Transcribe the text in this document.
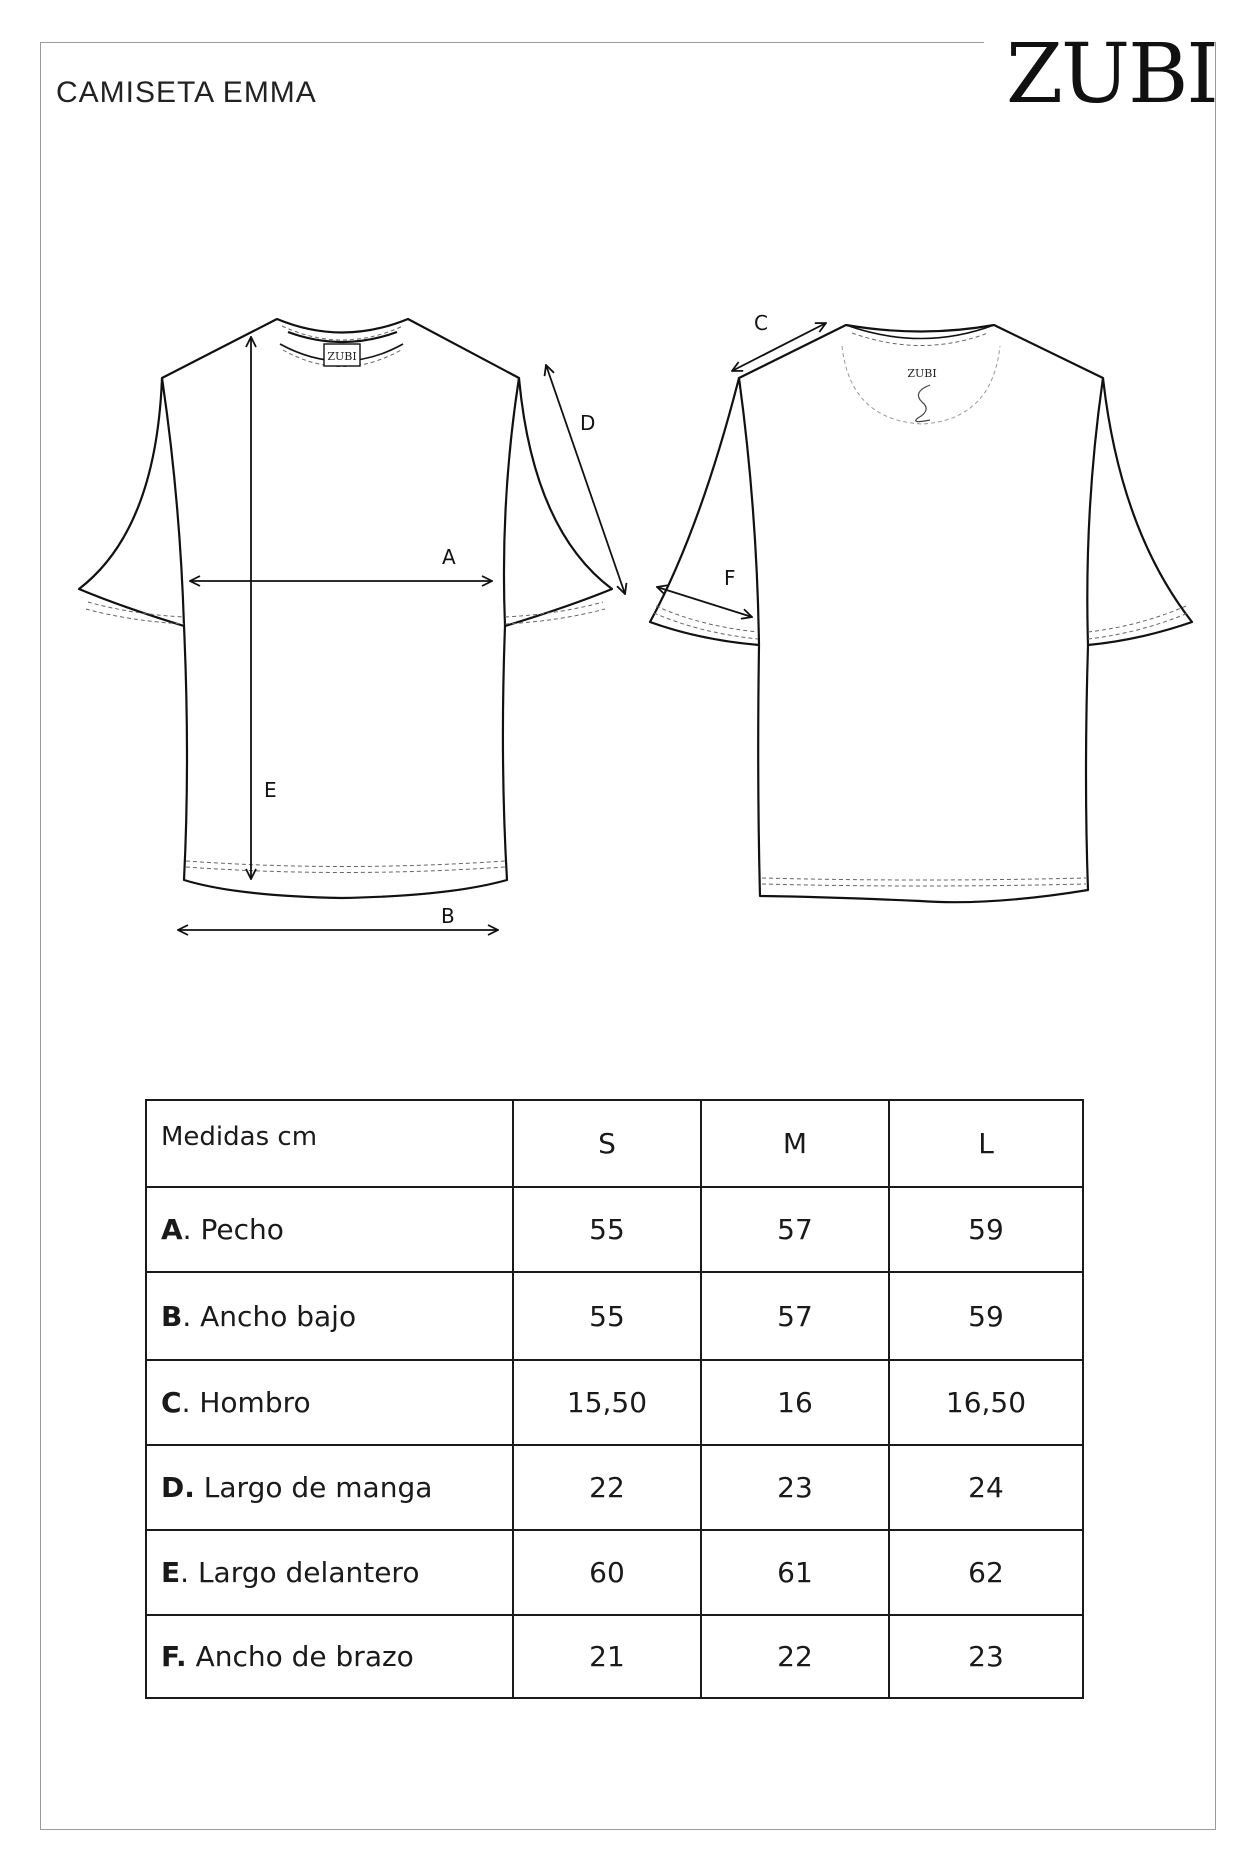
CAMISETA EMMA	ZUBI
ZUBI
A
B
D
E
ZUBI
C
F
Medidas cm	S	M	L
A. Pecho	55	57	59
B. Ancho bajo	55	57	59
C. Hombro	15,50	16	16,50
D. Largo de manga	22	23	24
E. Largo delantero	60	61	62
F. Ancho de brazo	21	22	23
